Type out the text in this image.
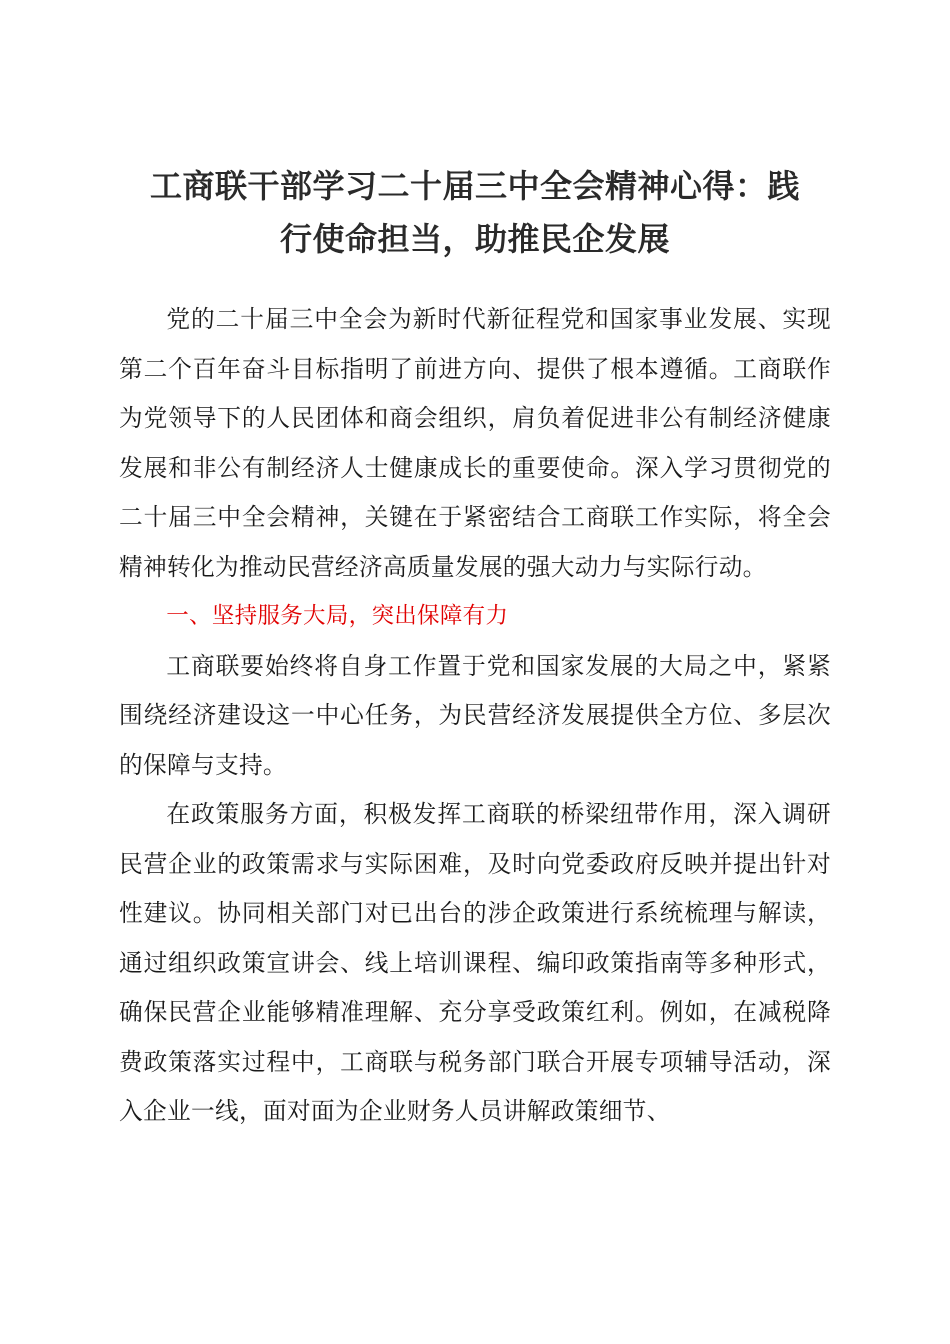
工商联干部学习二十届三中全会精神心得：践
行使命担当，助推民企发展

党的二十届三中全会为新时代新征程党和国家事业发展、实现第二个百年奋斗目标指明了前进方向、提供了根本遵循。工商联作为党领导下的人民团体和商会组织，肩负着促进非公有制经济健康发展和非公有制经济人士健康成长的重要使命。深入学习贯彻党的二十届三中全会精神，关键在于紧密结合工商联工作实际，将全会精神转化为推动民营经济高质量发展的强大动力与实际行动。

一、坚持服务大局，突出保障有力

工商联要始终将自身工作置于党和国家发展的大局之中，紧紧围绕经济建设这一中心任务，为民营经济发展提供全方位、多层次的保障与支持。

在政策服务方面，积极发挥工商联的桥梁纽带作用，深入调研民营企业的政策需求与实际困难，及时向党委政府反映并提出针对性建议。协同相关部门对已出台的涉企政策进行系统梳理与解读，通过组织政策宣讲会、线上培训课程、编印政策指南等多种形式，确保民营企业能够精准理解、充分享受政策红利。例如，在减税降费政策落实过程中，工商联与税务部门联合开展专项辅导活动，深入企业一线，面对面为企业财务人员讲解政策细节、
